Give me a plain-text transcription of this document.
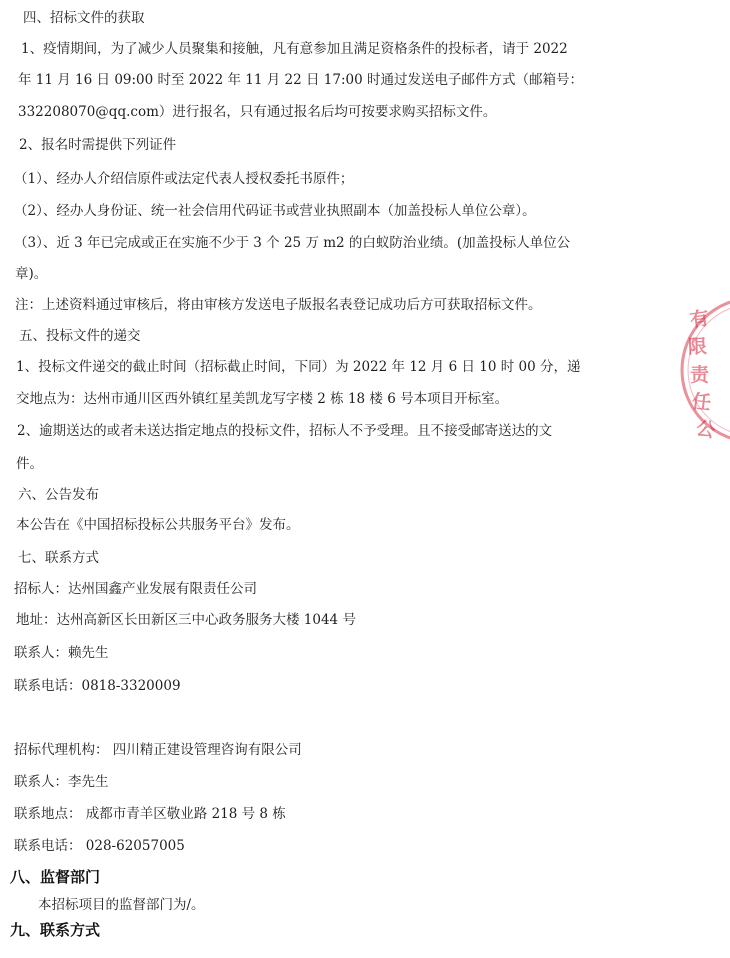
四、招标文件的获取
1、疫情期间，为了减少人员聚集和接触，凡有意参加且满足资格条件的投标者，请于 2022
年 11 月 16 日 09:00 时至 2022 年 11 月 22 日 17:00 时通过发送电子邮件方式（邮箱号：
332208070@qq.com）进行报名，只有通过报名后均可按要求购买招标文件。
2、报名时需提供下列证件
（1）、经办人介绍信原件或法定代表人授权委托书原件；
（2）、经办人身份证、统一社会信用代码证书或营业执照副本（加盖投标人单位公章）。
（3）、近 3 年已完成或正在实施不少于 3 个 25 万 m2 的白蚁防治业绩。(加盖投标人单位公
章)。
注：上述资料通过审核后，将由审核方发送电子版报名表登记成功后方可获取招标文件。
五、投标文件的递交
1、投标文件递交的截止时间（招标截止时间，下同）为 2022 年 12 月 6 日 10 时 00 分，递
交地点为：达州市通川区西外镇红星美凯龙写字楼 2 栋 18 楼 6 号本项目开标室。
2、逾期送达的或者未送达指定地点的投标文件，招标人不予受理。且不接受邮寄送达的文
件。
六、公告发布
本公告在《中国招标投标公共服务平台》发布。
七、联系方式
招标人：达州国鑫产业发展有限责任公司
地址：达州高新区长田新区三中心政务服务大楼 1044 号
联系人：赖先生
联系电话：0818-3320009
招标代理机构： 四川精正建设管理咨询有限公司
联系人：李先生
联系地点： 成都市青羊区敬业路 218 号 8 栋
联系电话： 028-62057005
八、监督部门
本招标项目的监督部门为/。
九、联系方式
有
限
责
任
公
